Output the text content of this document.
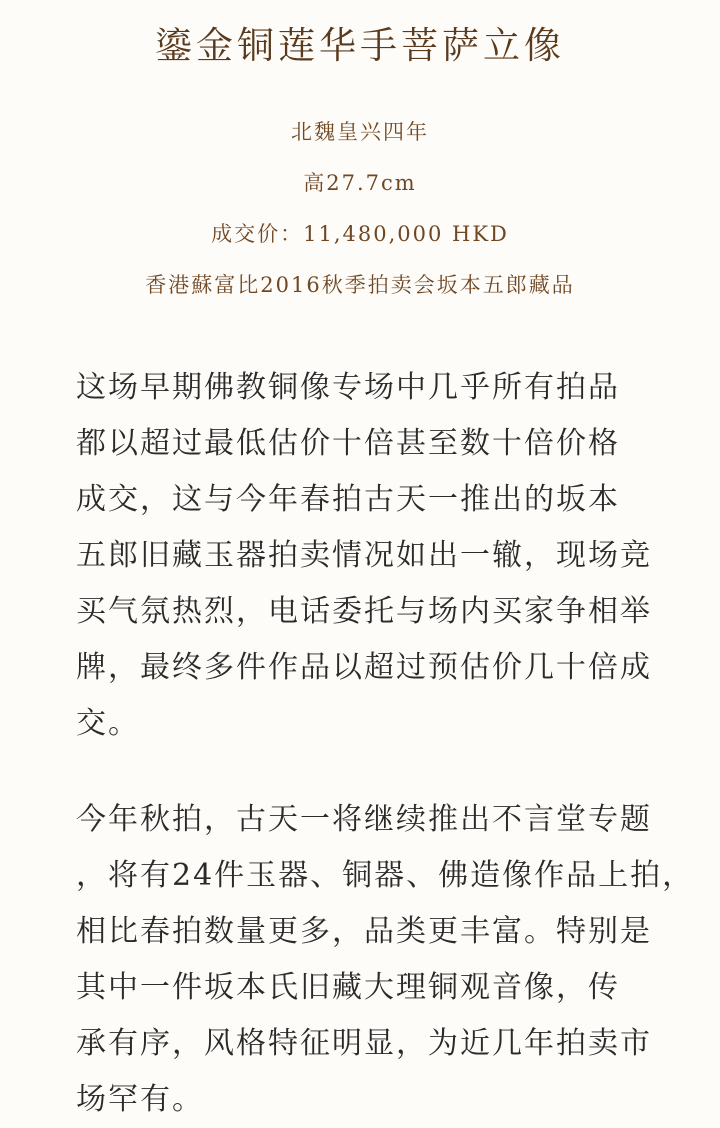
鎏金铜莲华手菩萨立像
北魏皇兴四年
高27.7cm
成交价：11,480,000 HKD
香港蘇富比2016秋季拍卖会坂本五郎藏品

这场早期佛教铜像专场中几乎所有拍品
都以超过最低估价十倍甚至数十倍价格
成交，这与今年春拍古天一推出的坂本
五郎旧藏玉器拍卖情况如出一辙，现场竞
买气氛热烈，电话委托与场内买家争相举
牌，最终多件作品以超过预估价几十倍成
交。

今年秋拍，古天一将继续推出不言堂专题
，将有24件玉器、铜器、佛造像作品上拍，
相比春拍数量更多，品类更丰富。特别是
其中一件坂本氏旧藏大理铜观音像，传
承有序，风格特征明显，为近几年拍卖市
场罕有。
